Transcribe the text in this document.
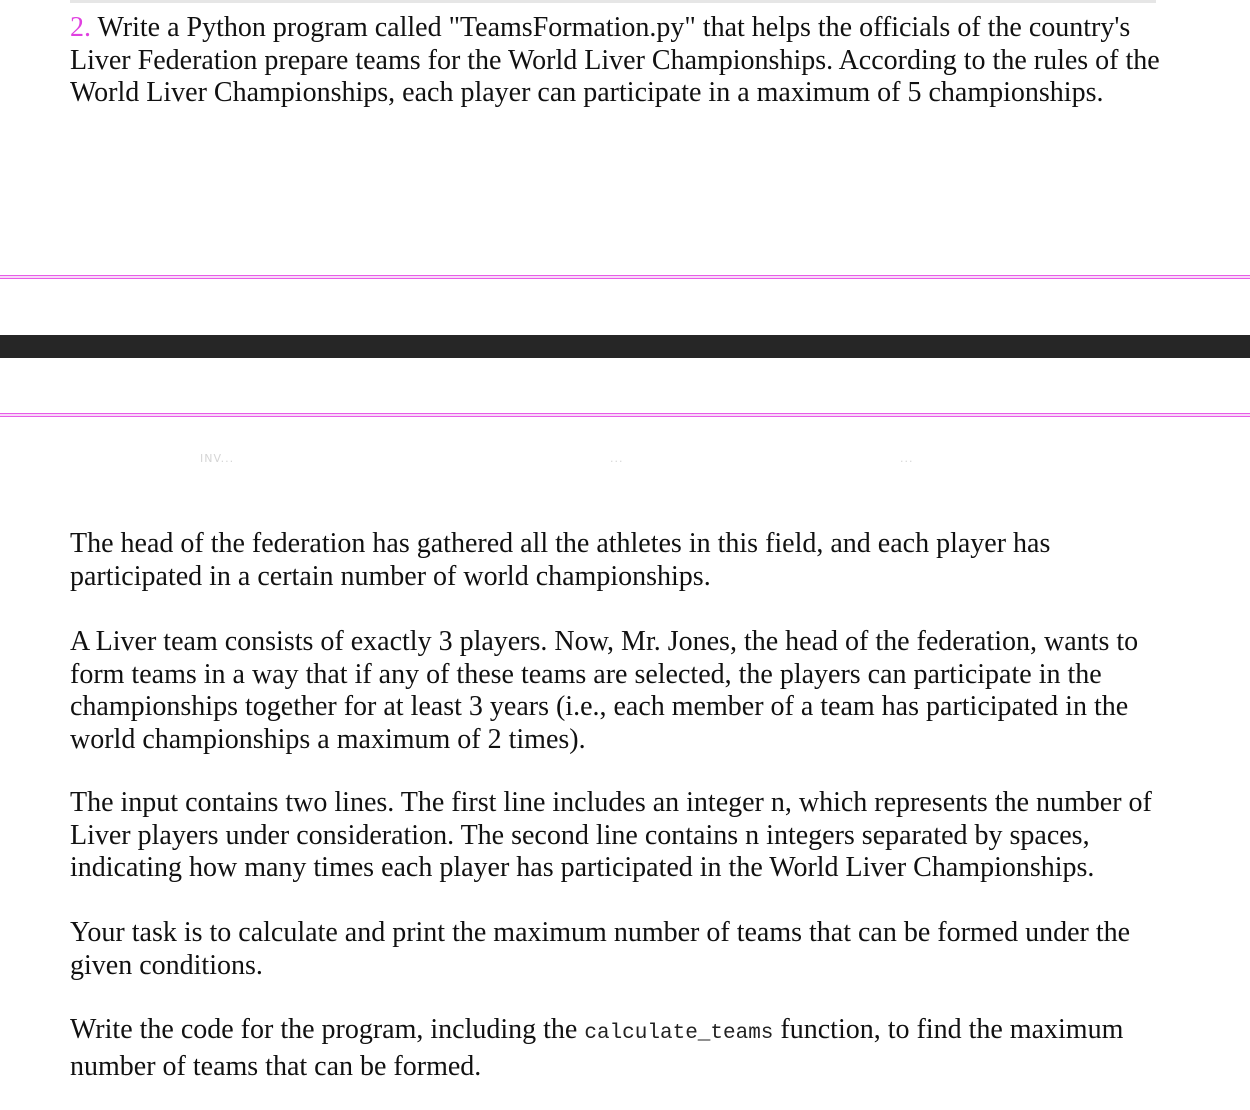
2. Write a Python program called "TeamsFormation.py" that helps the officials of the country's Liver Federation prepare teams for the World Liver Championships. According to the rules of the World Liver Championships, each player can participate in a maximum of 5 championships.

INV...	...	...

The head of the federation has gathered all the athletes in this field, and each player has participated in a certain number of world championships.

A Liver team consists of exactly 3 players. Now, Mr. Jones, the head of the federation, wants to form teams in a way that if any of these teams are selected, the players can participate in the championships together for at least 3 years (i.e., each member of a team has participated in the world championships a maximum of 2 times).

The input contains two lines. The first line includes an integer n, which represents the number of Liver players under consideration. The second line contains n integers separated by spaces, indicating how many times each player has participated in the World Liver Championships.

Your task is to calculate and print the maximum number of teams that can be formed under the given conditions.

Write the code for the program, including the calculate_teams function, to find the maximum number of teams that can be formed.
